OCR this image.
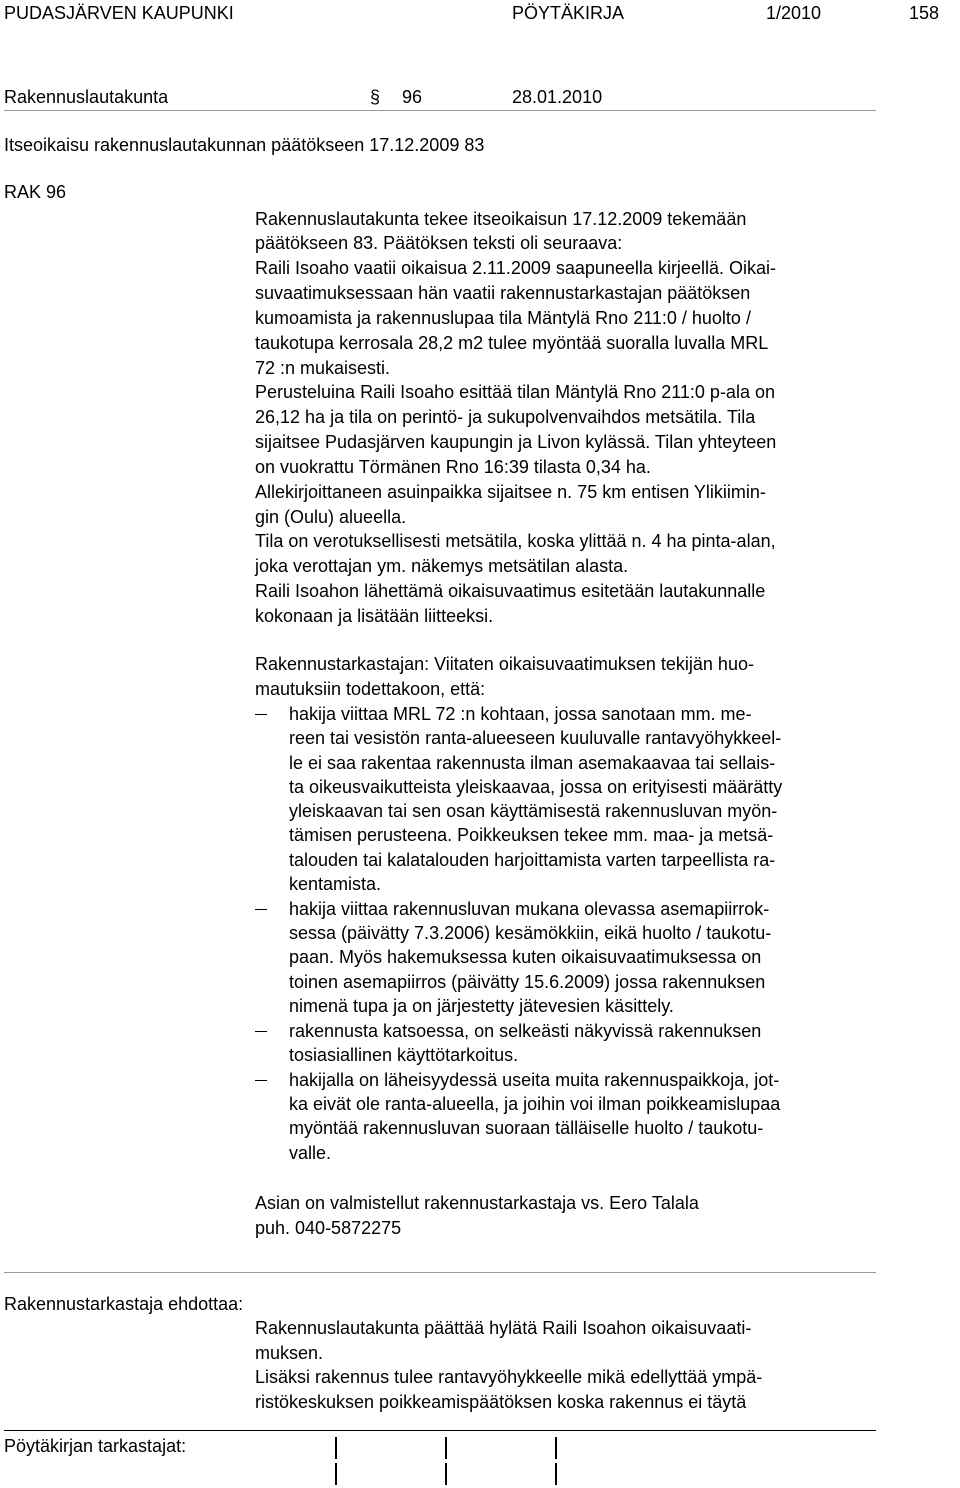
PUDASJÄRVEN KAUPUNKI	PÖYTÄKIRJA	1/2010	158
Rakennuslautakunta	§ 96	28.01.2010
Itseoikaisu rakennuslautakunnan päätökseen 17.12.2009 83
RAK 96
Rakennuslautakunta tekee itseoikaisun 17.12.2009 tekemään
päätökseen 83. Päätöksen teksti oli seuraava:
Raili Isoaho vaatii oikaisua 2.11.2009 saapuneella kirjeellä. Oikai-
suvaatimuksessaan hän vaatii rakennustarkastajan päätöksen
kumoamista ja rakennuslupaa tila Mäntylä Rno 211:0 / huolto /
taukotupa kerrosala 28,2 m2 tulee myöntää suoralla luvalla MRL
72 :n mukaisesti.
Perusteluina Raili Isoaho esittää tilan Mäntylä Rno 211:0 p-ala on
26,12 ha ja tila on perintö- ja sukupolvenvaihdos metsätila. Tila
sijaitsee Pudasjärven kaupungin ja Livon kylässä. Tilan yhteyteen
on vuokrattu Törmänen Rno 16:39 tilasta 0,34 ha.
Allekirjoittaneen asuinpaikka sijaitsee n. 75 km entisen Ylikiimin-
gin (Oulu) alueella.
Tila on verotuksellisesti metsätila, koska ylittää n. 4 ha pinta-alan,
joka verottajan ym. näkemys metsätilan alasta.
Raili Isoahon lähettämä oikaisuvaatimus esitetään lautakunnalle
kokonaan ja lisätään liitteeksi.
Rakennustarkastajan: Viitaten oikaisuvaatimuksen tekijän huo-
mautuksiin todettakoon, että:
hakija viittaa MRL 72 :n kohtaan, jossa sanotaan mm. me-
reen tai vesistön ranta-alueeseen kuuluvalle rantavyöhykkeel-
le ei saa rakentaa rakennusta ilman asemakaavaa tai sellais-
ta oikeusvaikutteista yleiskaavaa, jossa on erityisesti määrätty
yleiskaavan tai sen osan käyttämisestä rakennusluvan myön-
tämisen perusteena. Poikkeuksen tekee mm. maa- ja metsä-
talouden tai kalatalouden harjoittamista varten tarpeellista ra-
kentamista.
hakija viittaa rakennusluvan mukana olevassa asemapiirrok-
sessa (päivätty 7.3.2006) kesämökkiin, eikä huolto / taukotu-
paan. Myös hakemuksessa kuten oikaisuvaatimuksessa on
toinen asemapiirros (päivätty 15.6.2009) jossa rakennuksen
nimenä tupa ja on järjestetty jätevesien käsittely.
rakennusta katsoessa, on selkeästi näkyvissä rakennuksen
tosiasiallinen käyttötarkoitus.
hakijalla on läheisyydessä useita muita rakennuspaikkoja, jot-
ka eivät ole ranta-alueella, ja joihin voi ilman poikkeamislupaa
myöntää rakennusluvan suoraan tälläiselle huolto / taukotu-
valle.
Asian on valmistellut rakennustarkastaja vs. Eero Talala
puh. 040-5872275
Rakennustarkastaja ehdottaa:
Rakennuslautakunta päättää hylätä Raili Isoahon oikaisuvaati-
muksen.
Lisäksi rakennus tulee rantavyöhykkeelle mikä edellyttää ympä-
ristökeskuksen poikkeamispäätöksen koska rakennus ei täytä
Pöytäkirjan tarkastajat:
